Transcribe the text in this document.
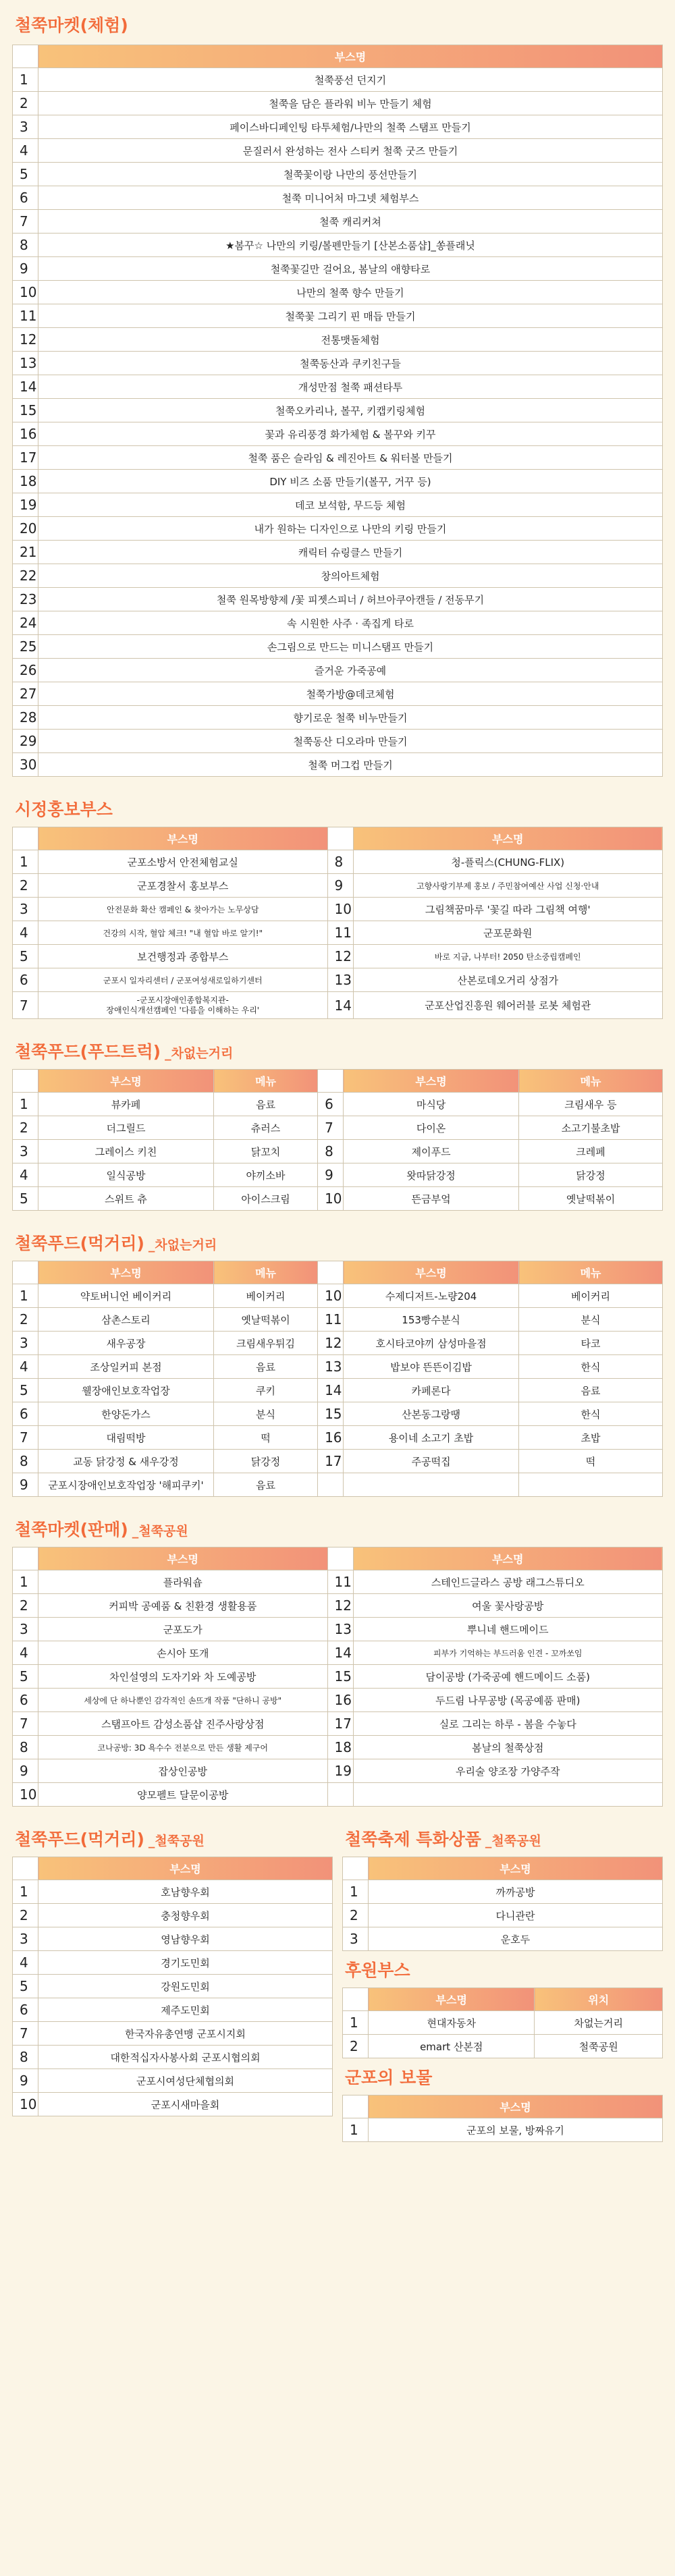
철쭉마켓(체험)
	부스명
1	철쭉풍선 던지기
2	철쭉을 담은 플라워 비누 만들기 체험
3	페이스바디페인팅 타투체험/나만의 철쭉 스탬프 만들기
4	문질러서 완성하는 전사 스티커 철쭉 굿즈 만들기
5	철쭉꽃이랑 나만의 풍선만들기
6	철쭉 미니어처 마그넷 체험부스
7	철쭉 캐리커쳐
8	★봄꾸☆ 나만의 키링/볼펜만들기 [산본소품샵]_쏭플래닛
9	철쭉꽃길만 걸어요, 봄날의 애향타로
10	나만의 철쭉 향수 만들기
11	철쭉꽃 그리기 핀 매듭 만들기
12	전통맷돌체험
13	철쭉동산과 쿠키친구들
14	개성만점 철쭉 패션타투
15	철쭉오카리나, 볼꾸, 키캡키링체험
16	꽃과 유리풍경 화가체험 & 볼꾸와 키꾸
17	철쭉 품은 슬라임 & 레진아트 & 워터볼 만들기
18	DIY 비즈 소품 만들기(볼꾸, 거꾸 등)
19	데코 보석함, 무드등 체험
20	내가 원하는 디자인으로 나만의 키링 만들기
21	캐릭터 슈링클스 만들기
22	창의아트체험
23	철쭉 원목방향제 /꽃 피젯스피너 / 허브아쿠아캔들 / 전동무기
24	속 시원한 사주 · 족집게 타로
25	손그림으로 만드는 미니스탬프 만들기
26	즐거운 가죽공예
27	철쭉가방@데코체험
28	향기로운 철쭉 비누만들기
29	철쭉동산 디오라마 만들기
30	철쭉 머그컵 만들기
시정홍보부스
	부스명		부스명
1	군포소방서 안전체험교실	8	청-플릭스(CHUNG-FLIX)
2	군포경찰서 홍보부스	9	고향사랑기부제 홍보 / 주민참여예산 사업 신청·안내
3	안전문화 확산 캠페인 & 찾아가는 노무상담	10	그림책꿈마루 '꽃길 따라 그림책 여행'
4	건강의 시작, 혈압 체크! "내 혈압 바로 알기!"	11	군포문화원
5	보건행정과 종합부스	12	바로 지금, 나부터! 2050 탄소중립캠페인
6	군포시 일자리센터 / 군포여성새로일하기센터	13	산본로데오거리 상점가
7	-군포시장애인종합복지관-
장애인식개선캠페인 '다름을 이해하는 우리'	14	군포산업진흥원 웨어러블 로봇 체험관
철쭉푸드(푸드트럭) _차없는거리
	부스명	메뉴		부스명	메뉴
1	뷰카페	음료	6	마식당	크림새우 등
2	더그릴드	츄러스	7	다이온	소고기불초밥
3	그레이스 키친	닭꼬치	8	제이푸드	크레페
4	일식공방	야끼소바	9	왓따닭강정	닭강정
5	스위트 츄	아이스크림	10	뜬금부엌	옛날떡볶이
철쭉푸드(먹거리) _차없는거리
	부스명	메뉴		부스명	메뉴
1	약토버니언 베이커리	베이커리	10	수제디저트-노량204	베이커리
2	삼촌스토리	옛날떡볶이	11	153빵수분식	분식
3	새우공장	크림새우튀김	12	호시타코야끼 삼성마을점	타코
4	조상일커피 본점	음료	13	밥보야 뜬뜬이김밥	한식
5	웰장애인보호작업장	쿠키	14	카페론다	음료
6	한양돈가스	분식	15	산본동그랑땡	한식
7	대림떡방	떡	16	용이네 소고기 초밥	초밥
8	교동 닭강정 & 새우강정	닭강정	17	주공떡집	떡
9	군포시장애인보호작업장 '해피쿠키'	음료			
철쭉마켓(판매) _철쭉공원
	부스명		부스명
1	플라워숍	11	스테인드글라스 공방 래그스튜디오
2	커피박 공예품 & 친환경 생활용품	12	여울 꽃사랑공방
3	군포도가	13	뿌니네 핸드메이드
4	손시아 또개	14	피부가 기억하는 부드러움 인견 - 꼬까쏘임
5	차인설영의 도자기와 차 도예공방	15	담이공방 (가죽공예 핸드메이드 소품)
6	세상에 단 하나뿐인 감각적인 손뜨개 작품 "단하니 공방"	16	두드림 나무공방 (목공예품 판매)
7	스탬프아트 감성소품샵 진주사랑상점	17	실로 그리는 하루 - 봄을 수놓다
8	코나공방: 3D 욕수수 전분으로 만든 생활 제구어	18	봄날의 철쭉상점
9	잡상인공방	19	우리술 양조장 가양주작
10	양모펠트 달문이공방		
철쭉푸드(먹거리) _철쭉공원
	부스명
1	호남향우회
2	충청향우회
3	영남향우회
4	경기도민회
5	강원도민회
6	제주도민회
7	한국자유총연맹 군포시지회
8	대한적십자사봉사회 군포시협의회
9	군포시여성단체협의회
10	군포시새마을회
철쭉축제 특화상품 _철쭉공원
	부스명
1	까까공방
2	다니관란
3	운호두
후원부스
	부스명	위치
1	현대자동차	차없는거리
2	emart 산본점	철쭉공원
군포의 보물
	부스명
1	군포의 보물, 방짜유기
